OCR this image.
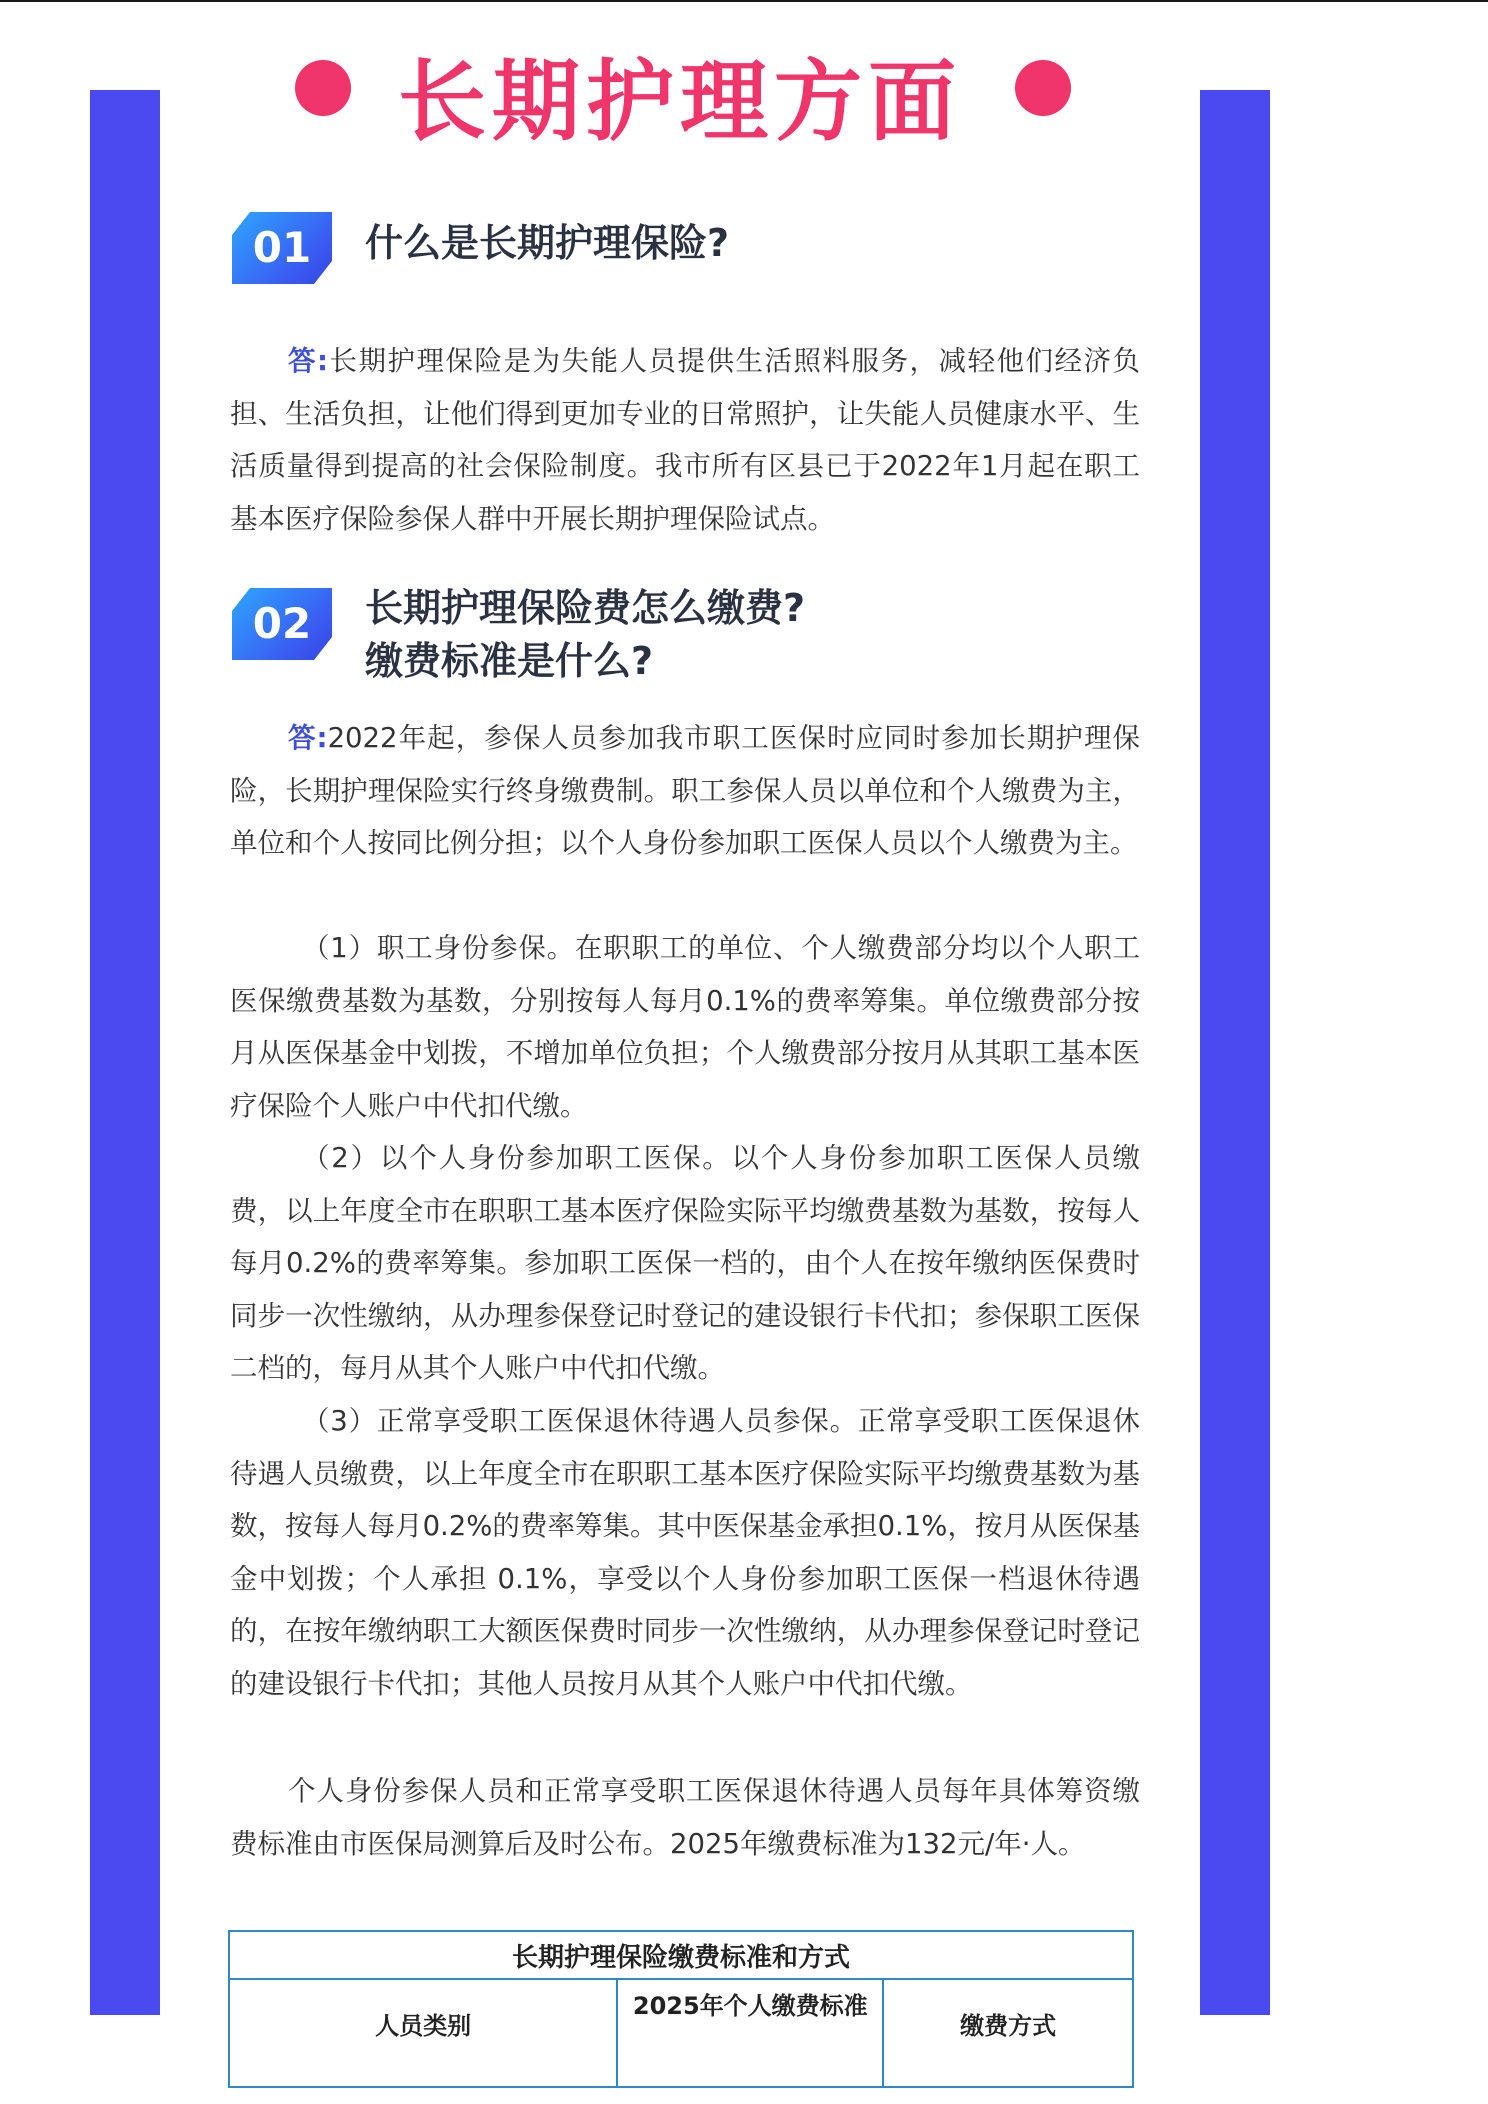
长期护理方面
01	什么是长期护理保险?
答:长期护理保险是为失能人员提供生活照料服务，减轻他们经济负担、生活负担，让他们得到更加专业的日常照护，让失能人员健康水平、生活质量得到提高的社会保险制度。我市所有区县已于2022年1月起在职工基本医疗保险参保人群中开展长期护理保险试点。
02	长期护理保险费怎么缴费?
缴费标准是什么?
答:2022年起，参保人员参加我市职工医保时应同时参加长期护理保险，长期护理保险实行终身缴费制。职工参保人员以单位和个人缴费为主，单位和个人按同比例分担；以个人身份参加职工医保人员以个人缴费为主。
（1）职工身份参保。在职职工的单位、个人缴费部分均以个人职工医保缴费基数为基数，分别按每人每月0.1%的费率筹集。单位缴费部分按月从医保基金中划拨，不增加单位负担；个人缴费部分按月从其职工基本医疗保险个人账户中代扣代缴。
（2）以个人身份参加职工医保。以个人身份参加职工医保人员缴费，以上年度全市在职职工基本医疗保险实际平均缴费基数为基数，按每人每月0.2%的费率筹集。参加职工医保一档的，由个人在按年缴纳医保费时同步一次性缴纳，从办理参保登记时登记的建设银行卡代扣；参保职工医保二档的，每月从其个人账户中代扣代缴。
（3）正常享受职工医保退休待遇人员参保。正常享受职工医保退休待遇人员缴费，以上年度全市在职职工基本医疗保险实际平均缴费基数为基数，按每人每月0.2%的费率筹集。其中医保基金承担0.1%，按月从医保基金中划拨；个人承担 0.1%，享受以个人身份参加职工医保一档退休待遇的，在按年缴纳职工大额医保费时同步一次性缴纳，从办理参保登记时登记的建设银行卡代扣；其他人员按月从其个人账户中代扣代缴。
个人身份参保人员和正常享受职工医保退休待遇人员每年具体筹资缴费标准由市医保局测算后及时公布。2025年缴费标准为132元/年·人。
长期护理保险缴费标准和方式
人员类别	2025年个人缴费标准	缴费方式
